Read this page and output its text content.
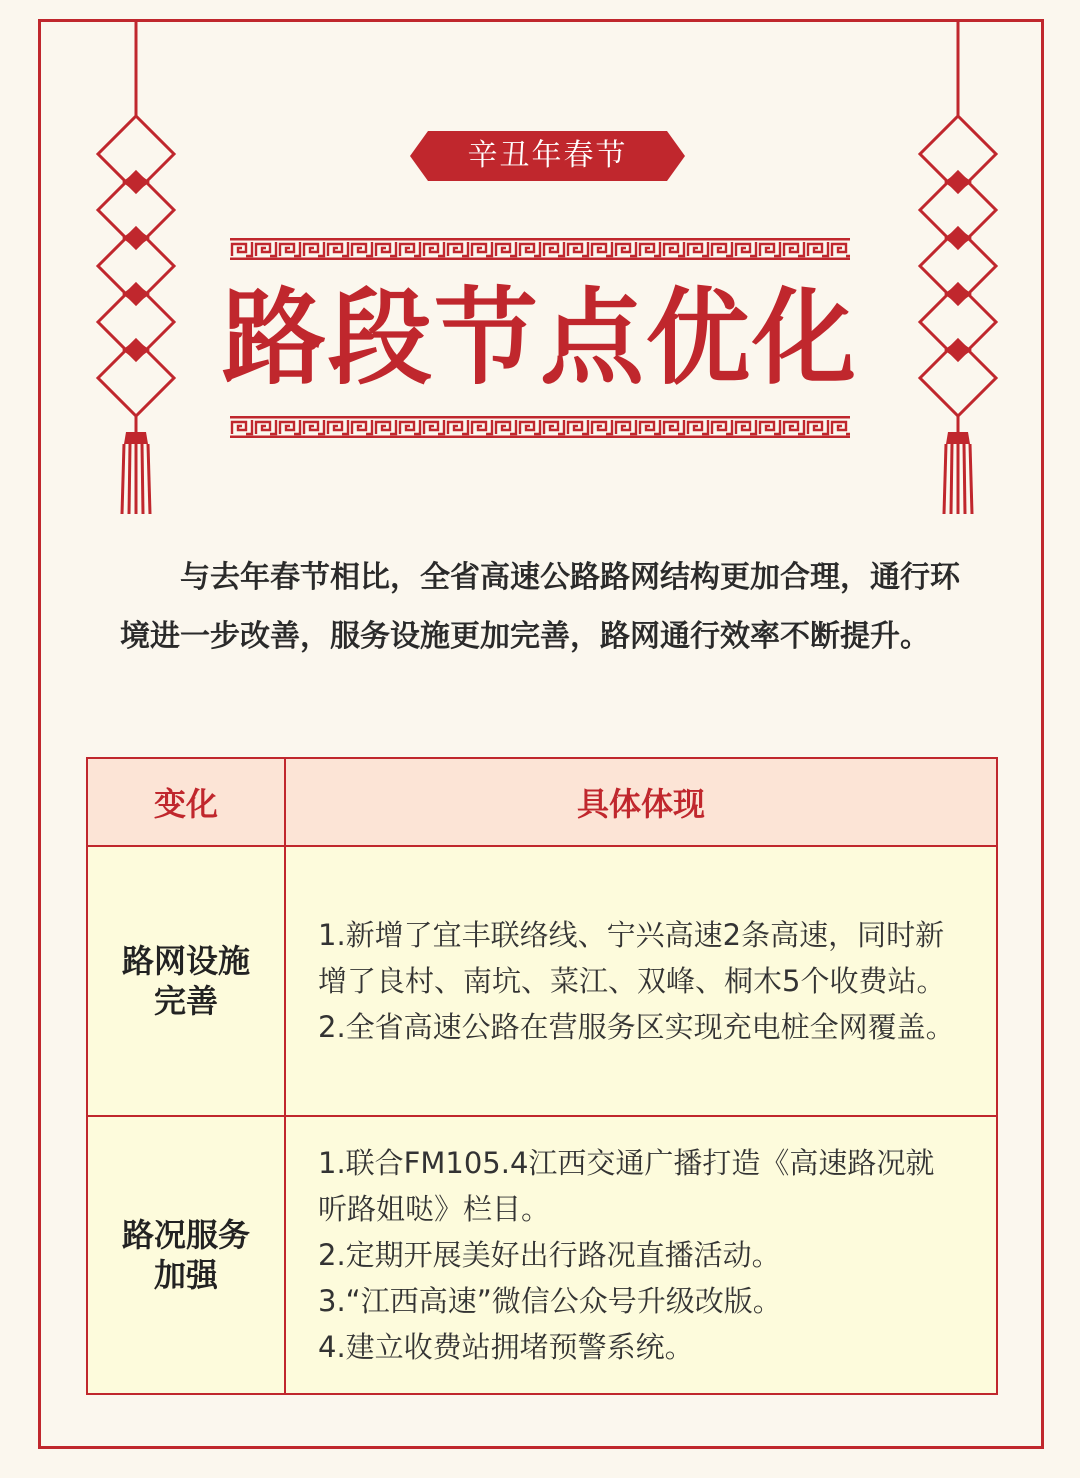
辛丑年春节
路段节点优化

与去年春节相比，全省高速公路路网结构更加合理，通行环境进一步改善，服务设施更加完善，路网通行效率不断提升。

变化	具体体现
路网设施完善	1.新增了宜丰联络线、宁兴高速2条高速，同时新增了良村、南坑、菜江、双峰、桐木5个收费站。
2.全省高速公路在营服务区实现充电桩全网覆盖。

路况服务加强	1.联合FM105.4江西交通广播打造《高速路况就听路姐哒》栏目。
2.定期开展美好出行路况直播活动。
3.“江西高速”微信公众号升级改版。
4.建立收费站拥堵预警系统。
